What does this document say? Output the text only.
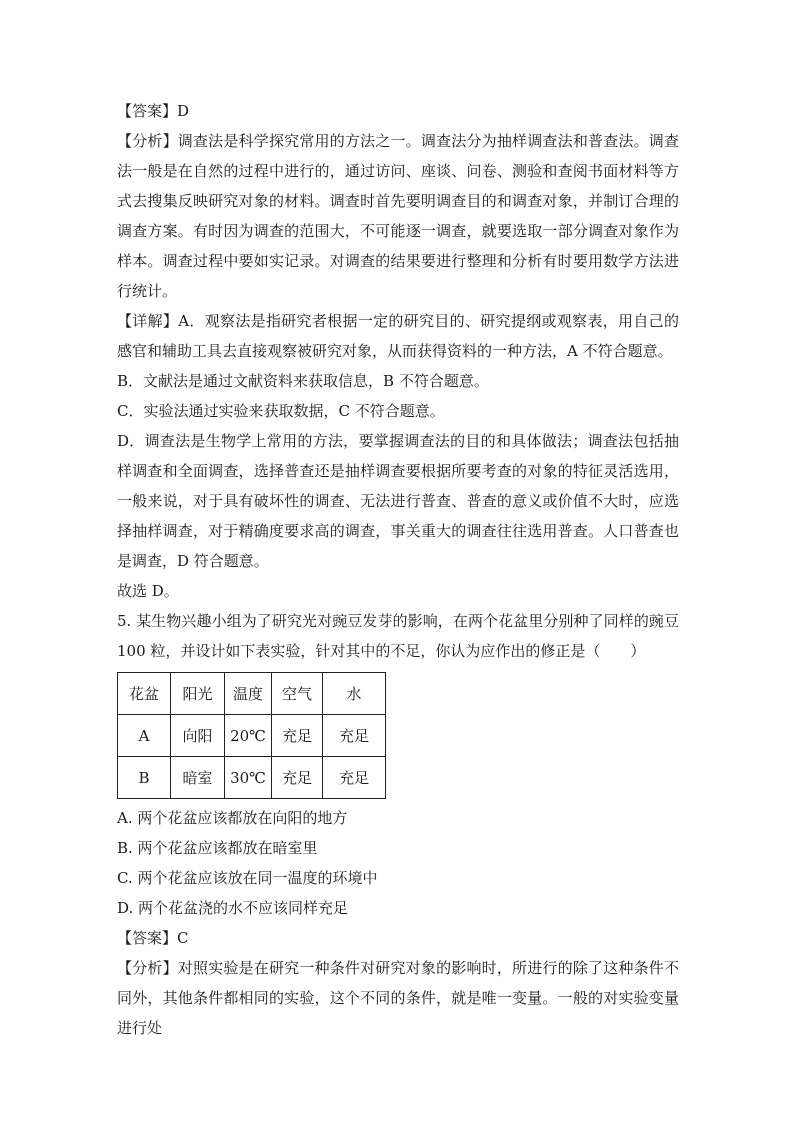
【答案】D

【分析】调查法是科学探究常用的方法之一。调查法分为抽样调查法和普查法。调查法一般是在自然的过程中进行的，通过访问、座谈、问卷、测验和查阅书面材料等方式去搜集反映研究对象的材料。调查时首先要明调查目的和调查对象，并制订合理的调查方案。有时因为调查的范围大，不可能逐一调查，就要选取一部分调查对象作为样本。调查过程中要如实记录。对调查的结果要进行整理和分析有时要用数学方法进行统计。

【详解】A．观察法是指研究者根据一定的研究目的、研究提纲或观察表，用自己的感官和辅助工具去直接观察被研究对象，从而获得资料的一种方法，A 不符合题意。

B．文献法是通过文献资料来获取信息，B 不符合题意。

C．实验法通过实验来获取数据，C 不符合题意。

D．调查法是生物学上常用的方法，要掌握调查法的目的和具体做法；调查法包括抽样调查和全面调查，选择普查还是抽样调查要根据所要考查的对象的特征灵活选用，一般来说，对于具有破坏性的调查、无法进行普查、普查的意义或价值不大时，应选择抽样调查，对于精确度要求高的调查，事关重大的调查往往选用普查。人口普查也是调查，D 符合题意。

故选 D。

5. 某生物兴趣小组为了研究光对豌豆发芽的影响，在两个花盆里分别种了同样的豌豆 100 粒，并设计如下表实验，针对其中的不足，你认为应作出的修正是（　　）

花盆	阳光	温度	空气	水
A	向阳	20℃	充足	充足
B	暗室	30℃	充足	充足

A. 两个花盆应该都放在向阳的地方

B. 两个花盆应该都放在暗室里

C. 两个花盆应该放在同一温度的环境中

D. 两个花盆浇的水不应该同样充足

【答案】C

【分析】对照实验是在研究一种条件对研究对象的影响时，所进行的除了这种条件不同外，其他条件都相同的实验，这个不同的条件，就是唯一变量。一般的对实验变量进行处
